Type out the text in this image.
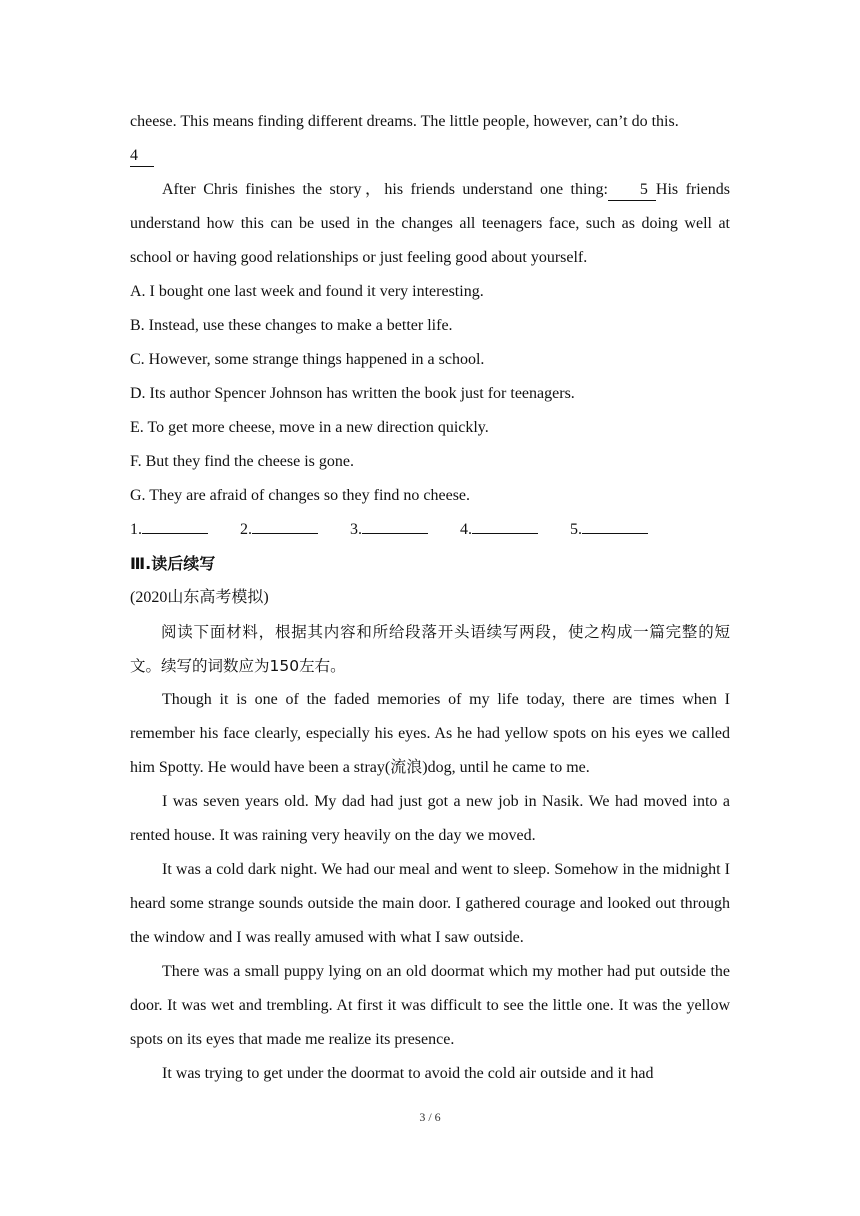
cheese. This means finding different dreams. The little people, however, can’t do this.

4

After Chris finishes the story，his friends understand one thing: 5 His friends understand how this can be used in the changes all teenagers face, such as doing well at school or having good relationships or just feeling good about yourself.

A. I bought one last week and found it very interesting.

B. Instead, use these changes to make a better life.

C. However, some strange things happened in a school.

D. Its author Spencer Johnson has written the book just for teenagers.

E. To get more cheese, move in a new direction quickly.

F. But they find the cheese is gone.

G. They are afraid of changes so they find no cheese.

1.	2.	3.	4.	5.

Ⅲ.读后续写

(2020山东高考模拟)

阅读下面材料，根据其内容和所给段落开头语续写两段，使之构成一篇完整的短文。续写的词数应为150左右。

Though it is one of the faded memories of my life today, there are times when I remember his face clearly, especially his eyes. As he had yellow spots on his eyes we called him Spotty. He would have been a stray(流浪)dog, until he came to me.

I was seven years old. My dad had just got a new job in Nasik. We had moved into a rented house. It was raining very heavily on the day we moved.

It was a cold dark night. We had our meal and went to sleep. Somehow in the midnight I heard some strange sounds outside the main door. I gathered courage and looked out through the window and I was really amused with what I saw outside.

There was a small puppy lying on an old doormat which my mother had put outside the door. It was wet and trembling. At first it was difficult to see the little one. It was the yellow spots on its eyes that made me realize its presence.

It was trying to get under the doormat to avoid the cold air outside and it had

3 / 6
